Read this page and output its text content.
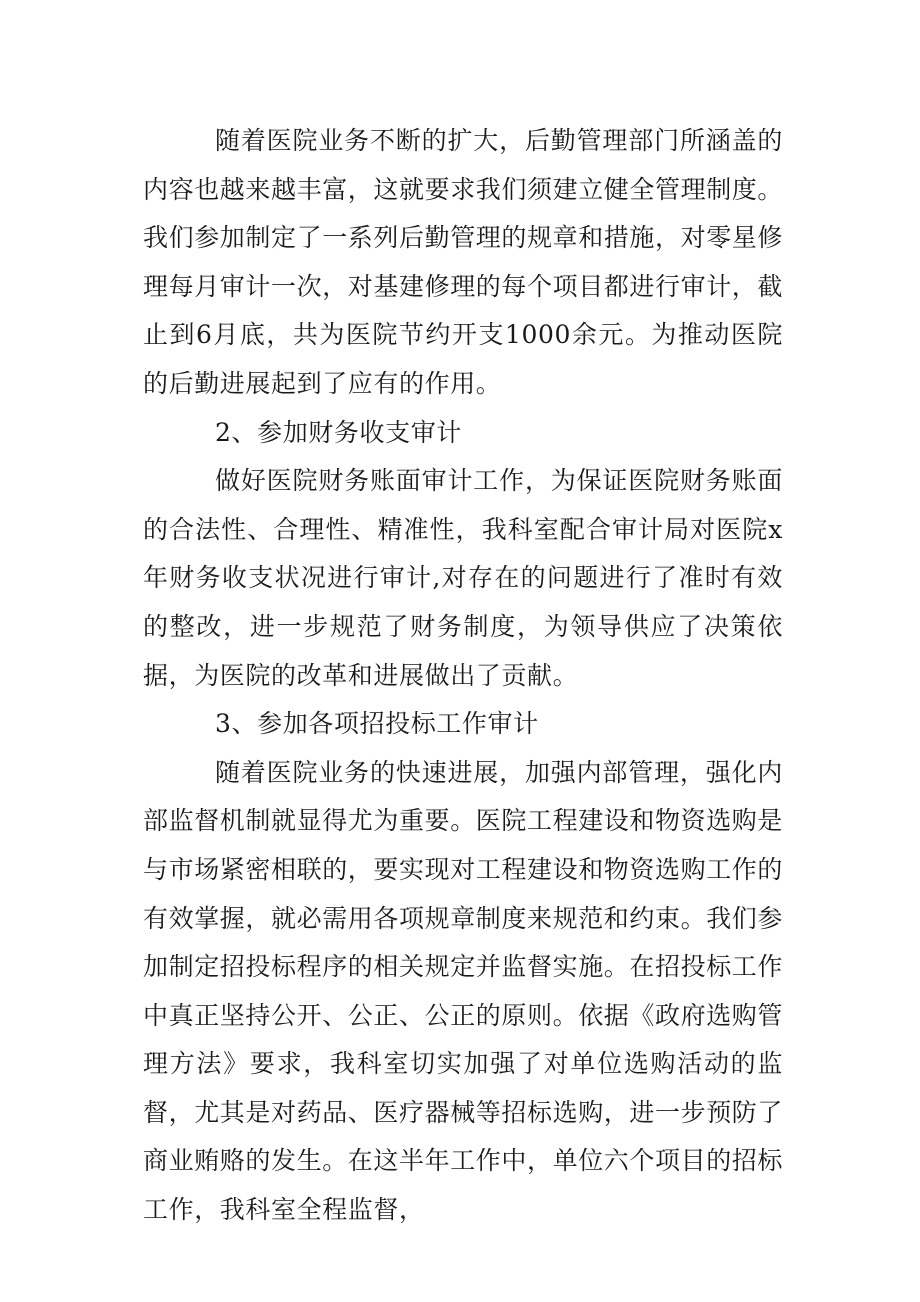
随着医院业务不断的扩大，后勤管理部门所涵盖的内容也越来越丰富，这就要求我们须建立健全管理制度。我们参加制定了一系列后勤管理的规章和措施，对零星修理每月审计一次，对基建修理的每个项目都进行审计，截止到6月底，共为医院节约开支1000余元。为推动医院的后勤进展起到了应有的作用。

2、参加财务收支审计

做好医院财务账面审计工作，为保证医院财务账面的合法性、合理性、精准性，我科室配合审计局对医院x年财务收支状况进行审计,对存在的问题进行了准时有效的整改，进一步规范了财务制度，为领导供应了决策依据，为医院的改革和进展做出了贡献。

3、参加各项招投标工作审计

随着医院业务的快速进展，加强内部管理，强化内部监督机制就显得尤为重要。医院工程建设和物资选购是与市场紧密相联的，要实现对工程建设和物资选购工作的有效掌握，就必需用各项规章制度来规范和约束。我们参加制定招投标程序的相关规定并监督实施。在招投标工作中真正坚持公开、公正、公正的原则。依据《政府选购管理方法》要求，我科室切实加强了对单位选购活动的监督，尤其是对药品、医疗器械等招标选购，进一步预防了商业贿赂的发生。在这半年工作中，单位六个项目的招标工作，我科室全程监督，
